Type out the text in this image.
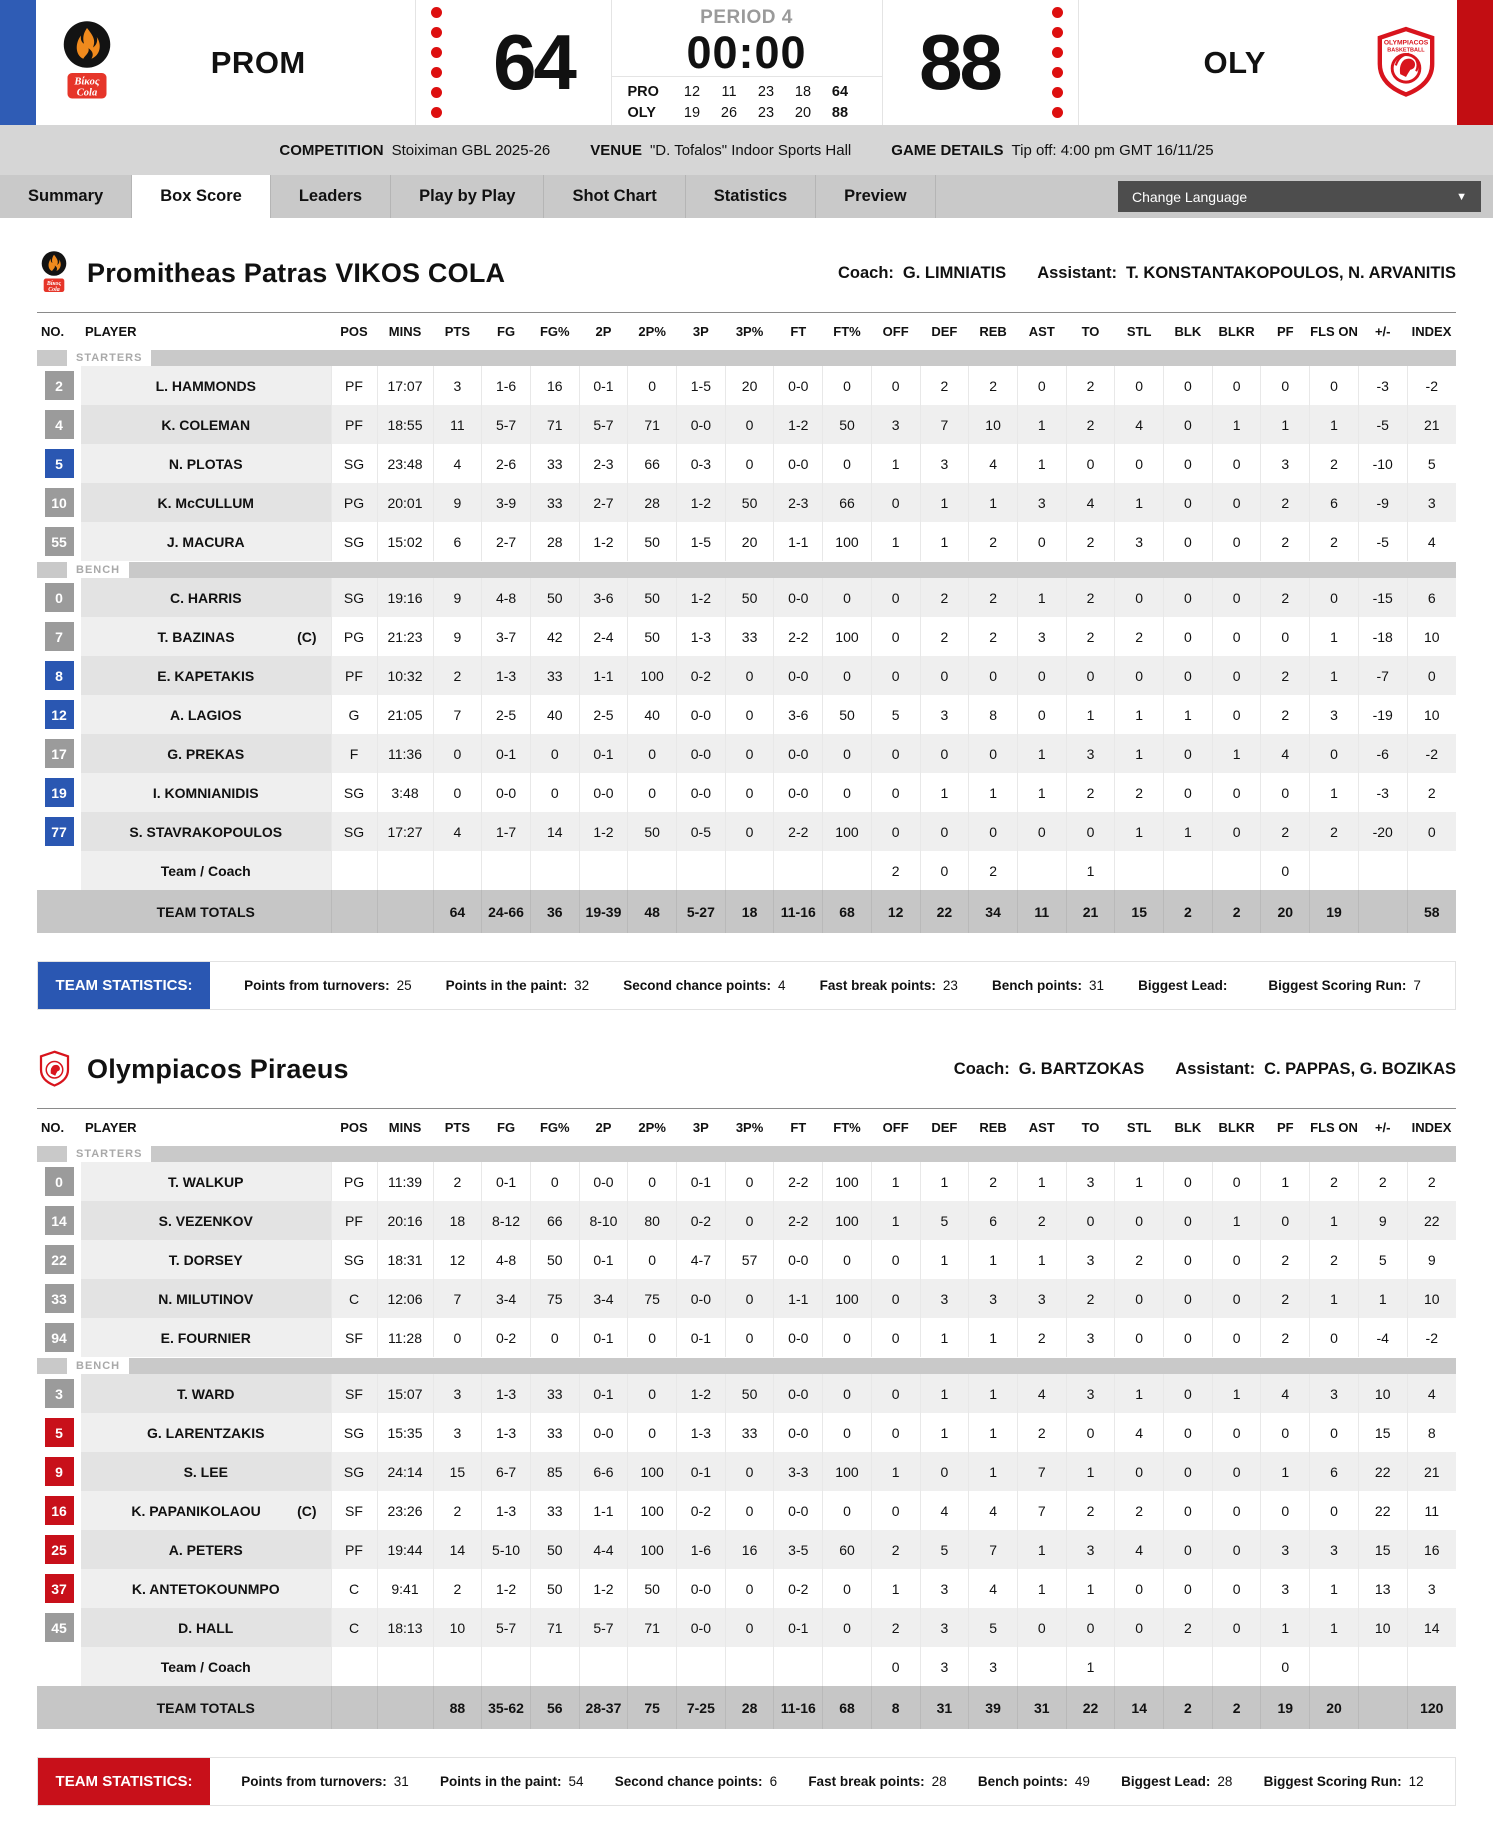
Βίκος
Cola
PROM	64
PERIOD 4
00:00
PRO	12	11	23	18	64
OLY	19	26	23	20	88
88	OLY
OLYMPIACOS
BASKETBALL
COMPETITION Stoiximan GBL 2025-26	VENUE "D. Tofalos" Indoor Sports Hall	GAME DETAILS Tip off: 4:00 pm GMT 16/11/25
Summary	Box Score	Leaders	Play by Play	Shot Chart	Statistics	Preview	Change Language	▼
Βίκος
Cola
Promitheas Patras VIKOS COLA	Coach: G. LIMNIATIS Assistant: T. KONSTANTAKOPOULOS, N. ARVANITIS
NO.	PLAYER	POS	MINS	PTS	FG	FG%	2P	2P%	3P	3P%	FT	FT%	OFF	DEF	REB	AST	TO	STL	BLK	BLKR	PF	FLS ON	+/-	INDEX

STARTERS																								

2	L. HAMMONDS	PF	17:07	3	1-6	16	0-1	0	1-5	20	0-0	0	0	2	2	0	2	0	0	0	0	0	-3	-2
4	K. COLEMAN	PF	18:55	11	5-7	71	5-7	71	0-0	0	1-2	50	3	7	10	1	2	4	0	1	1	1	-5	21
5	N. PLOTAS	SG	23:48	4	2-6	33	2-3	66	0-3	0	0-0	0	1	3	4	1	0	0	0	0	3	2	-10	5
10	K. McCULLUM	PG	20:01	9	3-9	33	2-7	28	1-2	50	2-3	66	0	1	1	3	4	1	0	0	2	6	-9	3
55	J. MACURA	SG	15:02	6	2-7	28	1-2	50	1-5	20	1-1	100	1	1	2	0	2	3	0	0	2	2	-5	4

BENCH																								

0	C. HARRIS	SG	19:16	9	4-8	50	3-6	50	1-2	50	0-0	0	0	2	2	1	2	0	0	0	2	0	-15	6
7	T. BAZINAS (C)	PG	21:23	9	3-7	42	2-4	50	1-3	33	2-2	100	0	2	2	3	2	2	0	0	0	1	-18	10
8	E. KAPETAKIS	PF	10:32	2	1-3	33	1-1	100	0-2	0	0-0	0	0	0	0	0	0	0	0	0	2	1	-7	0
12	A. LAGIOS	G	21:05	7	2-5	40	2-5	40	0-0	0	3-6	50	5	3	8	0	1	1	1	0	2	3	-19	10
17	G. PREKAS	F	11:36	0	0-1	0	0-1	0	0-0	0	0-0	0	0	0	0	1	3	1	0	1	4	0	-6	-2
19	I. KOMNIANIDIS	SG	3:48	0	0-0	0	0-0	0	0-0	0	0-0	0	0	1	1	1	2	2	0	0	0	1	-3	2
77	S. STAVRAKOPOULOS	SG	17:27	4	1-7	14	1-2	50	0-5	0	2-2	100	0	0	0	0	0	1	1	0	2	2	-20	0
	Team / Coach												2	0	2		1				0			
	TEAM TOTALS			64	24-66	36	19-39	48	5-27	18	11-16	68	12	22	34	11	21	15	2	2	20	19		58
TEAM STATISTICS:	Points from turnovers: 25	Points in the paint: 32	Second chance points: 4	Fast break points: 23	Bench points: 31	Biggest Lead:	Biggest Scoring Run: 7
Olympiacos Piraeus	Coach: G. BARTZOKAS Assistant: C. PAPPAS, G. BOZIKAS
NO.	PLAYER	POS	MINS	PTS	FG	FG%	2P	2P%	3P	3P%	FT	FT%	OFF	DEF	REB	AST	TO	STL	BLK	BLKR	PF	FLS ON	+/-	INDEX

STARTERS																								

0	T. WALKUP	PG	11:39	2	0-1	0	0-0	0	0-1	0	2-2	100	1	1	2	1	3	1	0	0	1	2	2	2
14	S. VEZENKOV	PF	20:16	18	8-12	66	8-10	80	0-2	0	2-2	100	1	5	6	2	0	0	0	1	0	1	9	22
22	T. DORSEY	SG	18:31	12	4-8	50	0-1	0	4-7	57	0-0	0	0	1	1	1	3	2	0	0	2	2	5	9
33	N. MILUTINOV	C	12:06	7	3-4	75	3-4	75	0-0	0	1-1	100	0	3	3	3	2	0	0	0	2	1	1	10
94	E. FOURNIER	SF	11:28	0	0-2	0	0-1	0	0-1	0	0-0	0	0	1	1	2	3	0	0	0	2	0	-4	-2

BENCH																								

3	T. WARD	SF	15:07	3	1-3	33	0-1	0	1-2	50	0-0	0	0	1	1	4	3	1	0	1	4	3	10	4
5	G. LARENTZAKIS	SG	15:35	3	1-3	33	0-0	0	1-3	33	0-0	0	0	1	1	2	0	4	0	0	0	0	15	8
9	S. LEE	SG	24:14	15	6-7	85	6-6	100	0-1	0	3-3	100	1	0	1	7	1	0	0	0	1	6	22	21
16	K. PAPANIKOLAOU (C)	SF	23:26	2	1-3	33	1-1	100	0-2	0	0-0	0	0	4	4	7	2	2	0	0	0	0	22	11
25	A. PETERS	PF	19:44	14	5-10	50	4-4	100	1-6	16	3-5	60	2	5	7	1	3	4	0	0	3	3	15	16
37	K. ANTETOKOUNMPO	C	9:41	2	1-2	50	1-2	50	0-0	0	0-2	0	1	3	4	1	1	0	0	0	3	1	13	3
45	D. HALL	C	18:13	10	5-7	71	5-7	71	0-0	0	0-1	0	2	3	5	0	0	0	2	0	1	1	10	14
	Team / Coach												0	3	3		1				0			
	TEAM TOTALS			88	35-62	56	28-37	75	7-25	28	11-16	68	8	31	39	31	22	14	2	2	19	20		120
TEAM STATISTICS:	Points from turnovers: 31 Points in the paint: 54 Second chance points: 6 Fast break points: 28 Bench points: 49 Biggest Lead: 28 Biggest Scoring Run: 12
